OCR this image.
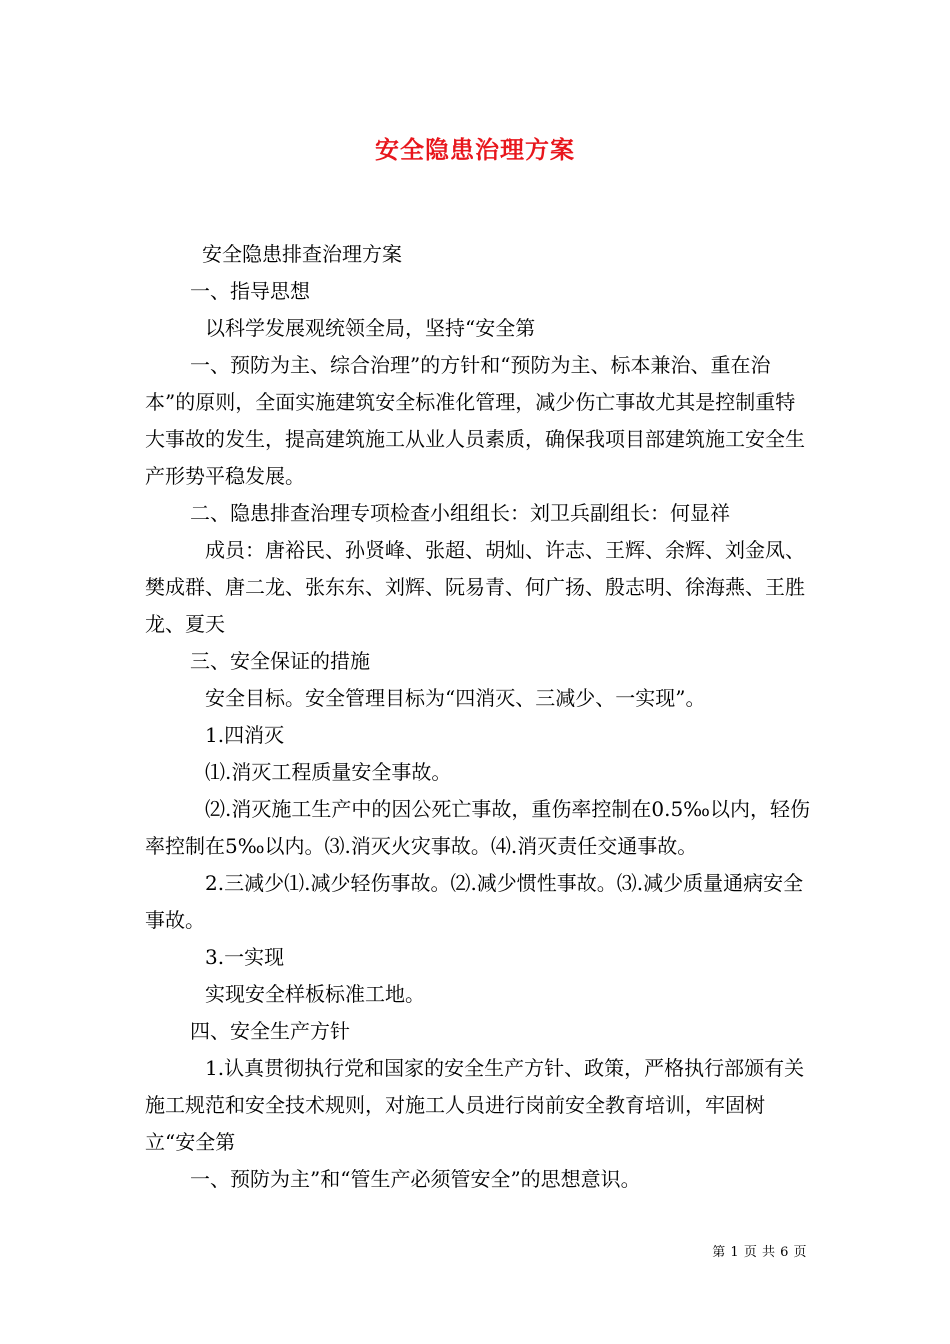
安全隐患治理方案

安全隐患排查治理方案

一、指导思想

以科学发展观统领全局，坚持“安全第

一、预防为主、综合治理”的方针和“预防为主、标本兼治、重在治本”的原则，全面实施建筑安全标准化管理，减少伤亡事故尤其是控制重特大事故的发生，提高建筑施工从业人员素质，确保我项目部建筑施工安全生产形势平稳发展。

二、隐患排查治理专项检查小组组长：刘卫兵副组长：何显祥

成员：唐裕民、孙贤峰、张超、胡灿、许志、王辉、余辉、刘金凤、樊成群、唐二龙、张东东、刘辉、阮易青、何广扬、殷志明、徐海燕、王胜龙、夏天

三、安全保证的措施

安全目标。安全管理目标为“四消灭、三减少、一实现”。

1.四消灭

⑴.消灭工程质量安全事故。

⑵.消灭施工生产中的因公死亡事故，重伤率控制在0.5‰以内，轻伤率控制在5‰以内。⑶.消灭火灾事故。⑷.消灭责任交通事故。

2.三减少⑴.减少轻伤事故。⑵.减少惯性事故。⑶.减少质量通病安全事故。

3.一实现

实现安全样板标准工地。

四、安全生产方针

1.认真贯彻执行党和国家的安全生产方针、政策，严格执行部颁有关施工规范和安全技术规则，对施工人员进行岗前安全教育培训，牢固树立“安全第

一、预防为主”和“管生产必须管安全”的思想意识。

第 1 页 共 6 页
